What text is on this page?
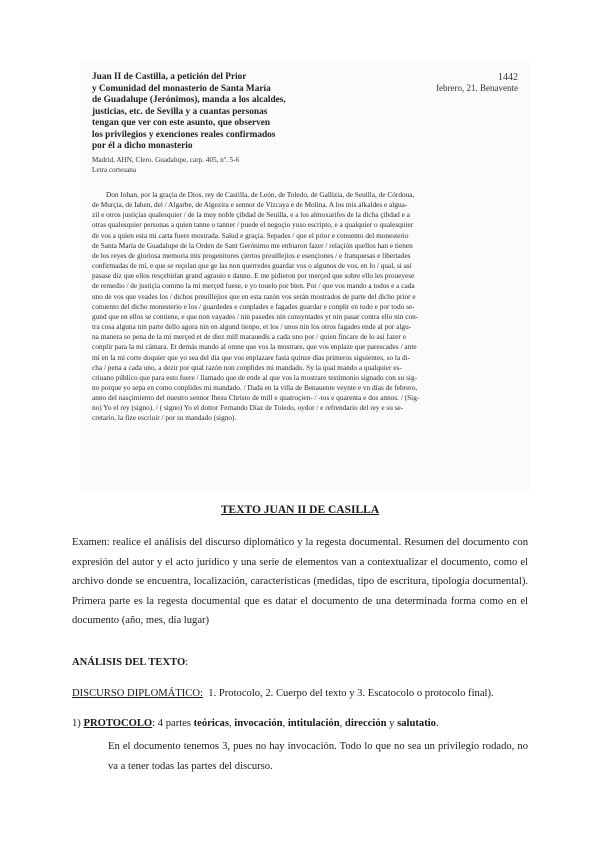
Juan II de Castilla, a petición del Prior
y Comunidad del monasterio de Santa María
de Guadalupe (Jerónimos), manda a los alcaldes,
justicias, etc. de Sevilla y a cuantas personas
tengan que ver con este asunto, que observen
los privilegios y exenciones reales confirmados
por él a dicho monasterio
1442
febrero, 21. Benavente
Madrid, AHN, Clero. Guadalupe, carp. 405, nº. 5-6
Letra cortesana
Don Iohan, por la graçia de Dios, rey de Castilla, de León, de Toledo, de Gallizia, de Seuilla, de Córdoua,
de Murçia, de Iahen, del / Algarbe, de Algezira e sennor de Vizcaya e de Molina. A los mis alkaldes e algua-
zil e otros justiçias qualesquier / de la muy noble çibdad de Seuilla, e a los almoxarifes de la dicha çibdad e a
otras qualesquier personas a quien tanne o tanner / puede el negoçio yuso escripto, e a qualquier o qualesquier
de vos a quien esta mi carta fuere mostrada. Salud e graçia. Sepades / que el prior e conuento del monesterio
de Santa María de Guadalupe de la Orden de Sant Gerónimo me enbiaron fazer / relaçión quellos han e tienen
de los reyes de gloriosa memoria mis progenitores çiertos preuillejios e esençiones / e franquesas e libertades
confirmadas de mí, e que se reçelan que ge las non querredes guardar vos o algunos de vos, en lo / qual, si así
pasase diz que ellos resçebirían grand agrauio e danno. E me pidieron por merçed que sobre ello les proueyese
de remedio / de justiçia commo la mi merçed fuese, e yo touelo por bien. Por / que vos mando a todos e a cada
uno de vos que veades los / dichos preuillejios que en esta razón vos serán mostrados de parte del dicho prior e
conuento del dicho monesterio e los / guardedes e cunplades e fagades guardar e conplir en todo e por todo se-
gund que en ellos se contiene, e que non vayades / nin pasedes nin consyntades yr nin pasar contra ello nin con-
tra cosa alguna nin parte dello agora nin en algund tienpo, et los / unos nin los otros fagades ende al por algu-
na manera so pena de la mi merçed et de diez mill marauedís a cada uno por / quien fincare de lo así fazer e
conplir para la mi cámara. Et demás mando al omne que vos la mostrare, que vos enplaze que parescades / ante
mí en la mi corte doquier que yo sea del día que vos enplazare fasta quinze días primeros siguientes, so la di-
cha / pena a cada uno, a dezir por qual razón non conplides mi mandado. Sy la qual mando a qualquier es-
criuano público que para esto fuere / llamado que de ende al que vos la mostrare testimonio signado con su sig-
no porque yo sepa en como conplides mi mandado. / Dada en la villa de Benauente veynte e vn días de febrero,
anno del nasçimiento del nuestro sennor Ihesu Christo de mill e quatroçien- / -tos e quarenta e dos annos. / (Sig-
no) Yo el rey (signo). / ( signo) Yo el dottor Fernando Díaz de Toledo, oydor / e refrendario del rey e su se-
cretario, la fize escriuir / por su mandado (signo).
TEXTO JUAN II DE CASILLA
Examen: realice el análisis del discurso diplomático y la regesta documental. Resumen del documento con expresión del autor y el acto jurídico y una serie de elementos van a contextualizar el documento, como el archivo donde se encuentra, localización, características (medidas, tipo de escritura, tipología documental). Primera parte es la regesta documental que es datar el documento de una determinada forma como en el documento (año, mes, día lugar)
ANÁLISIS DEL TEXTO:
DISCURSO DIPLOMÁTICO: 1. Protocolo, 2. Cuerpo del texto y 3. Escatocolo o protocolo final).
1) PROTOCOLO: 4 partes teóricas, invocación, intitulación, dirección y salutatio.
En el documento tenemos 3, pues no hay invocación. Todo lo que no sea un privilegio rodado, no va a tener todas las partes del discurso.
